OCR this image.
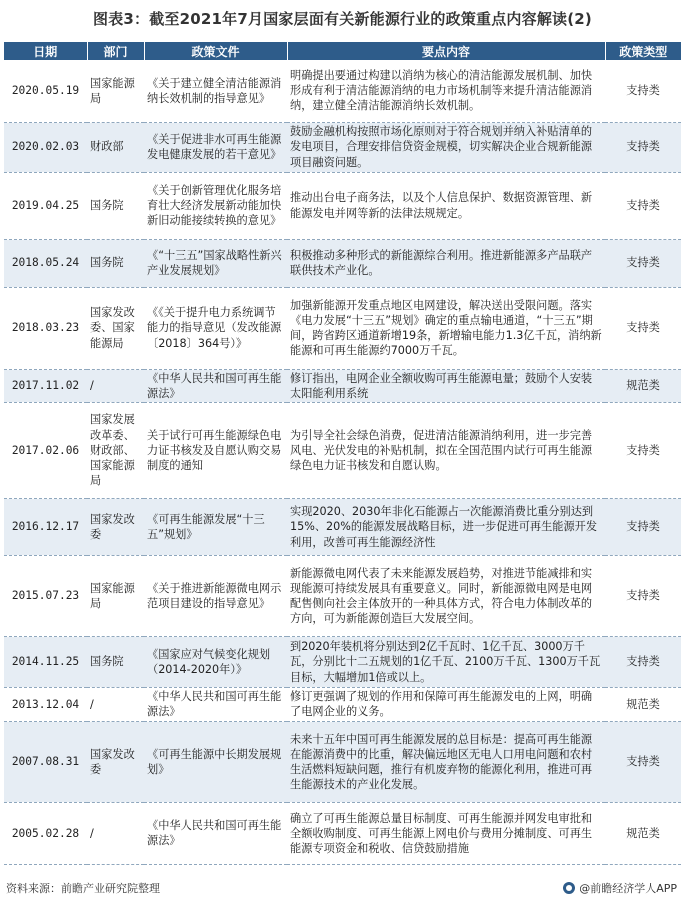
图表3：截至2021年7月国家层面有关新能源行业的政策重点内容解读(2)
日期	部门	政策文件	要点内容	政策类型
2020.05.19	国家能源局	《关于建立健全清洁能源消纳长效机制的指导意见》	明确提出要通过构建以消纳为核心的清洁能源发展机制、加快形成有利于清洁能源消纳的电力市场机制等来提升清洁能源消纳，建立健全清洁能源消纳长效机制。	支持类
2020.02.03	财政部	《关于促进非水可再生能源发电健康发展的若干意见》	鼓励金融机构按照市场化原则对于符合规划并纳入补贴清单的发电项目，合理安排信贷资金规模，切实解决企业合规新能源项目融资问题。	支持类
2019.04.25	国务院	《关于创新管理优化服务培育壮大经济发展新动能加快新旧动能接续转换的意见》	推动出台电子商务法，以及个人信息保护、数据资源管理、新能源发电并网等新的法律法规规定。	支持类
2018.05.24	国务院	《“十三五”国家战略性新兴产业发展规划》	积极推动多种形式的新能源综合利用。推进新能源多产品联产联供技术产业化。	支持类
2018.03.23	国家发改委、国家能源局	《《关于提升电力系统调节能力的指导意见（发改能源〔2018〕364号）》	加强新能源开发重点地区电网建设，解决送出受限问题。落实《电力发展“十三五”规划》确定的重点输电通道，“十三五”期间，跨省跨区通道新增19条，新增输电能力1.3亿千瓦，消纳新能源和可再生能源约7000万千瓦。	支持类
2017.11.02	/	《中华人民共和国可再生能源法》	修订指出，电网企业全额收购可再生能源电量；鼓励个人安装太阳能利用系统	规范类
2017.02.06	国家发展改革委、财政部、国家能源局	关于试行可再生能源绿色电力证书核发及自愿认购交易制度的通知	为引导全社会绿色消费，促进清洁能源消纳利用，进一步完善风电、光伏发电的补贴机制，拟在全国范围内试行可再生能源绿色电力证书核发和自愿认购。	支持类
2016.12.17	国家发改委	《可再生能源发展“十三五”规划》	实现2020、2030年非化石能源占一次能源消费比重分别达到15%、20%的能源发展战略目标，进一步促进可再生能源开发利用，改善可再生能源经济性	支持类
2015.07.23	国家能源局	《关于推进新能源微电网示范项目建设的指导意见》	新能源微电网代表了未来能源发展趋势，对推进节能减排和实现能源可持续发展具有重要意义。同时，新能源微电网是电网配售侧向社会主体放开的一种具体方式，符合电力体制改革的方向，可为新能源创造巨大发展空间。	支持类
2014.11.25	国务院	《国家应对气候变化规划（2014-2020年）》	到2020年装机将分别达到2亿千瓦时、1亿千瓦、3000万千瓦，分别比十二五规划的1亿千瓦、2100万千瓦、1300万千瓦目标，大幅增加1倍或以上。	支持类
2013.12.04	/	《中华人民共和国可再生能源法》	修订更强调了规划的作用和保障可再生能源发电的上网，明确了电网企业的义务。	规范类
2007.08.31	国家发改委	《可再生能源中长期发展规划》	未来十五年中国可再生能源发展的总目标是：提高可再生能源在能源消费中的比重，解决偏远地区无电人口用电问题和农村生活燃料短缺问题，推行有机废弃物的能源化利用，推进可再生能源技术的产业化发展。	支持类
2005.02.28	/	《中华人民共和国可再生能源法》	确立了可再生能源总量目标制度、可再生能源并网发电审批和全额收购制度、可再生能源上网电价与费用分摊制度、可再生能源专项资金和税收、信贷鼓励措施	规范类
资料来源：前瞻产业研究院整理	@前瞻经济学人APP
